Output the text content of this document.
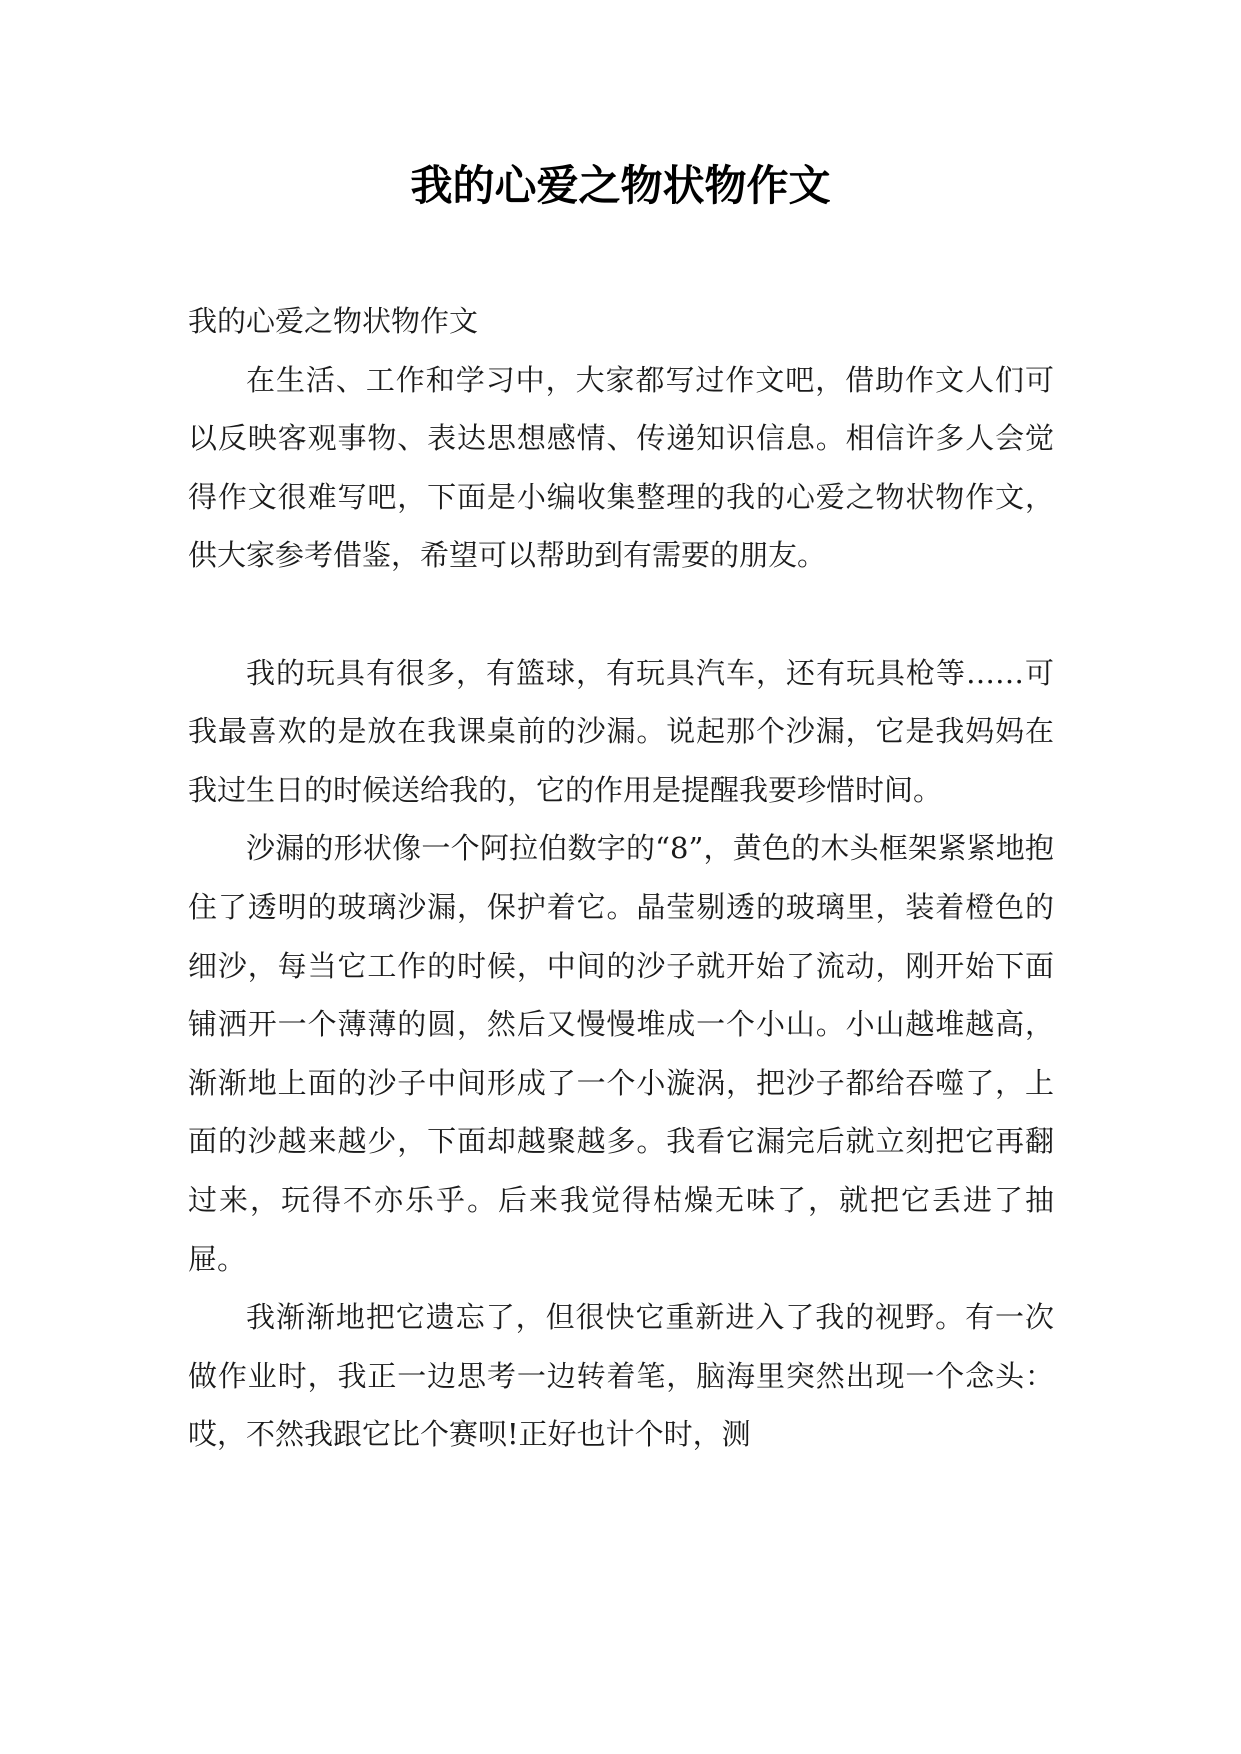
我的心爱之物状物作文

我的心爱之物状物作文

在生活、工作和学习中，大家都写过作文吧，借助作文人们可以反映客观事物、表达思想感情、传递知识信息。相信许多人会觉得作文很难写吧，下面是小编收集整理的我的心爱之物状物作文，供大家参考借鉴，希望可以帮助到有需要的朋友。

我的玩具有很多，有篮球，有玩具汽车，还有玩具枪等……可我最喜欢的是放在我课桌前的沙漏。说起那个沙漏，它是我妈妈在我过生日的时候送给我的，它的作用是提醒我要珍惜时间。

沙漏的形状像一个阿拉伯数字的“8”，黄色的木头框架紧紧地抱住了透明的玻璃沙漏，保护着它。晶莹剔透的玻璃里，装着橙色的细沙，每当它工作的时候，中间的沙子就开始了流动，刚开始下面铺洒开一个薄薄的圆，然后又慢慢堆成一个小山。小山越堆越高，渐渐地上面的沙子中间形成了一个小漩涡，把沙子都给吞噬了，上面的沙越来越少，下面却越聚越多。我看它漏完后就立刻把它再翻过来，玩得不亦乐乎。后来我觉得枯燥无味了，就把它丢进了抽屉。

我渐渐地把它遗忘了，但很快它重新进入了我的视野。有一次做作业时，我正一边思考一边转着笔，脑海里突然出现一个念头：哎，不然我跟它比个赛呗!正好也计个时，测
